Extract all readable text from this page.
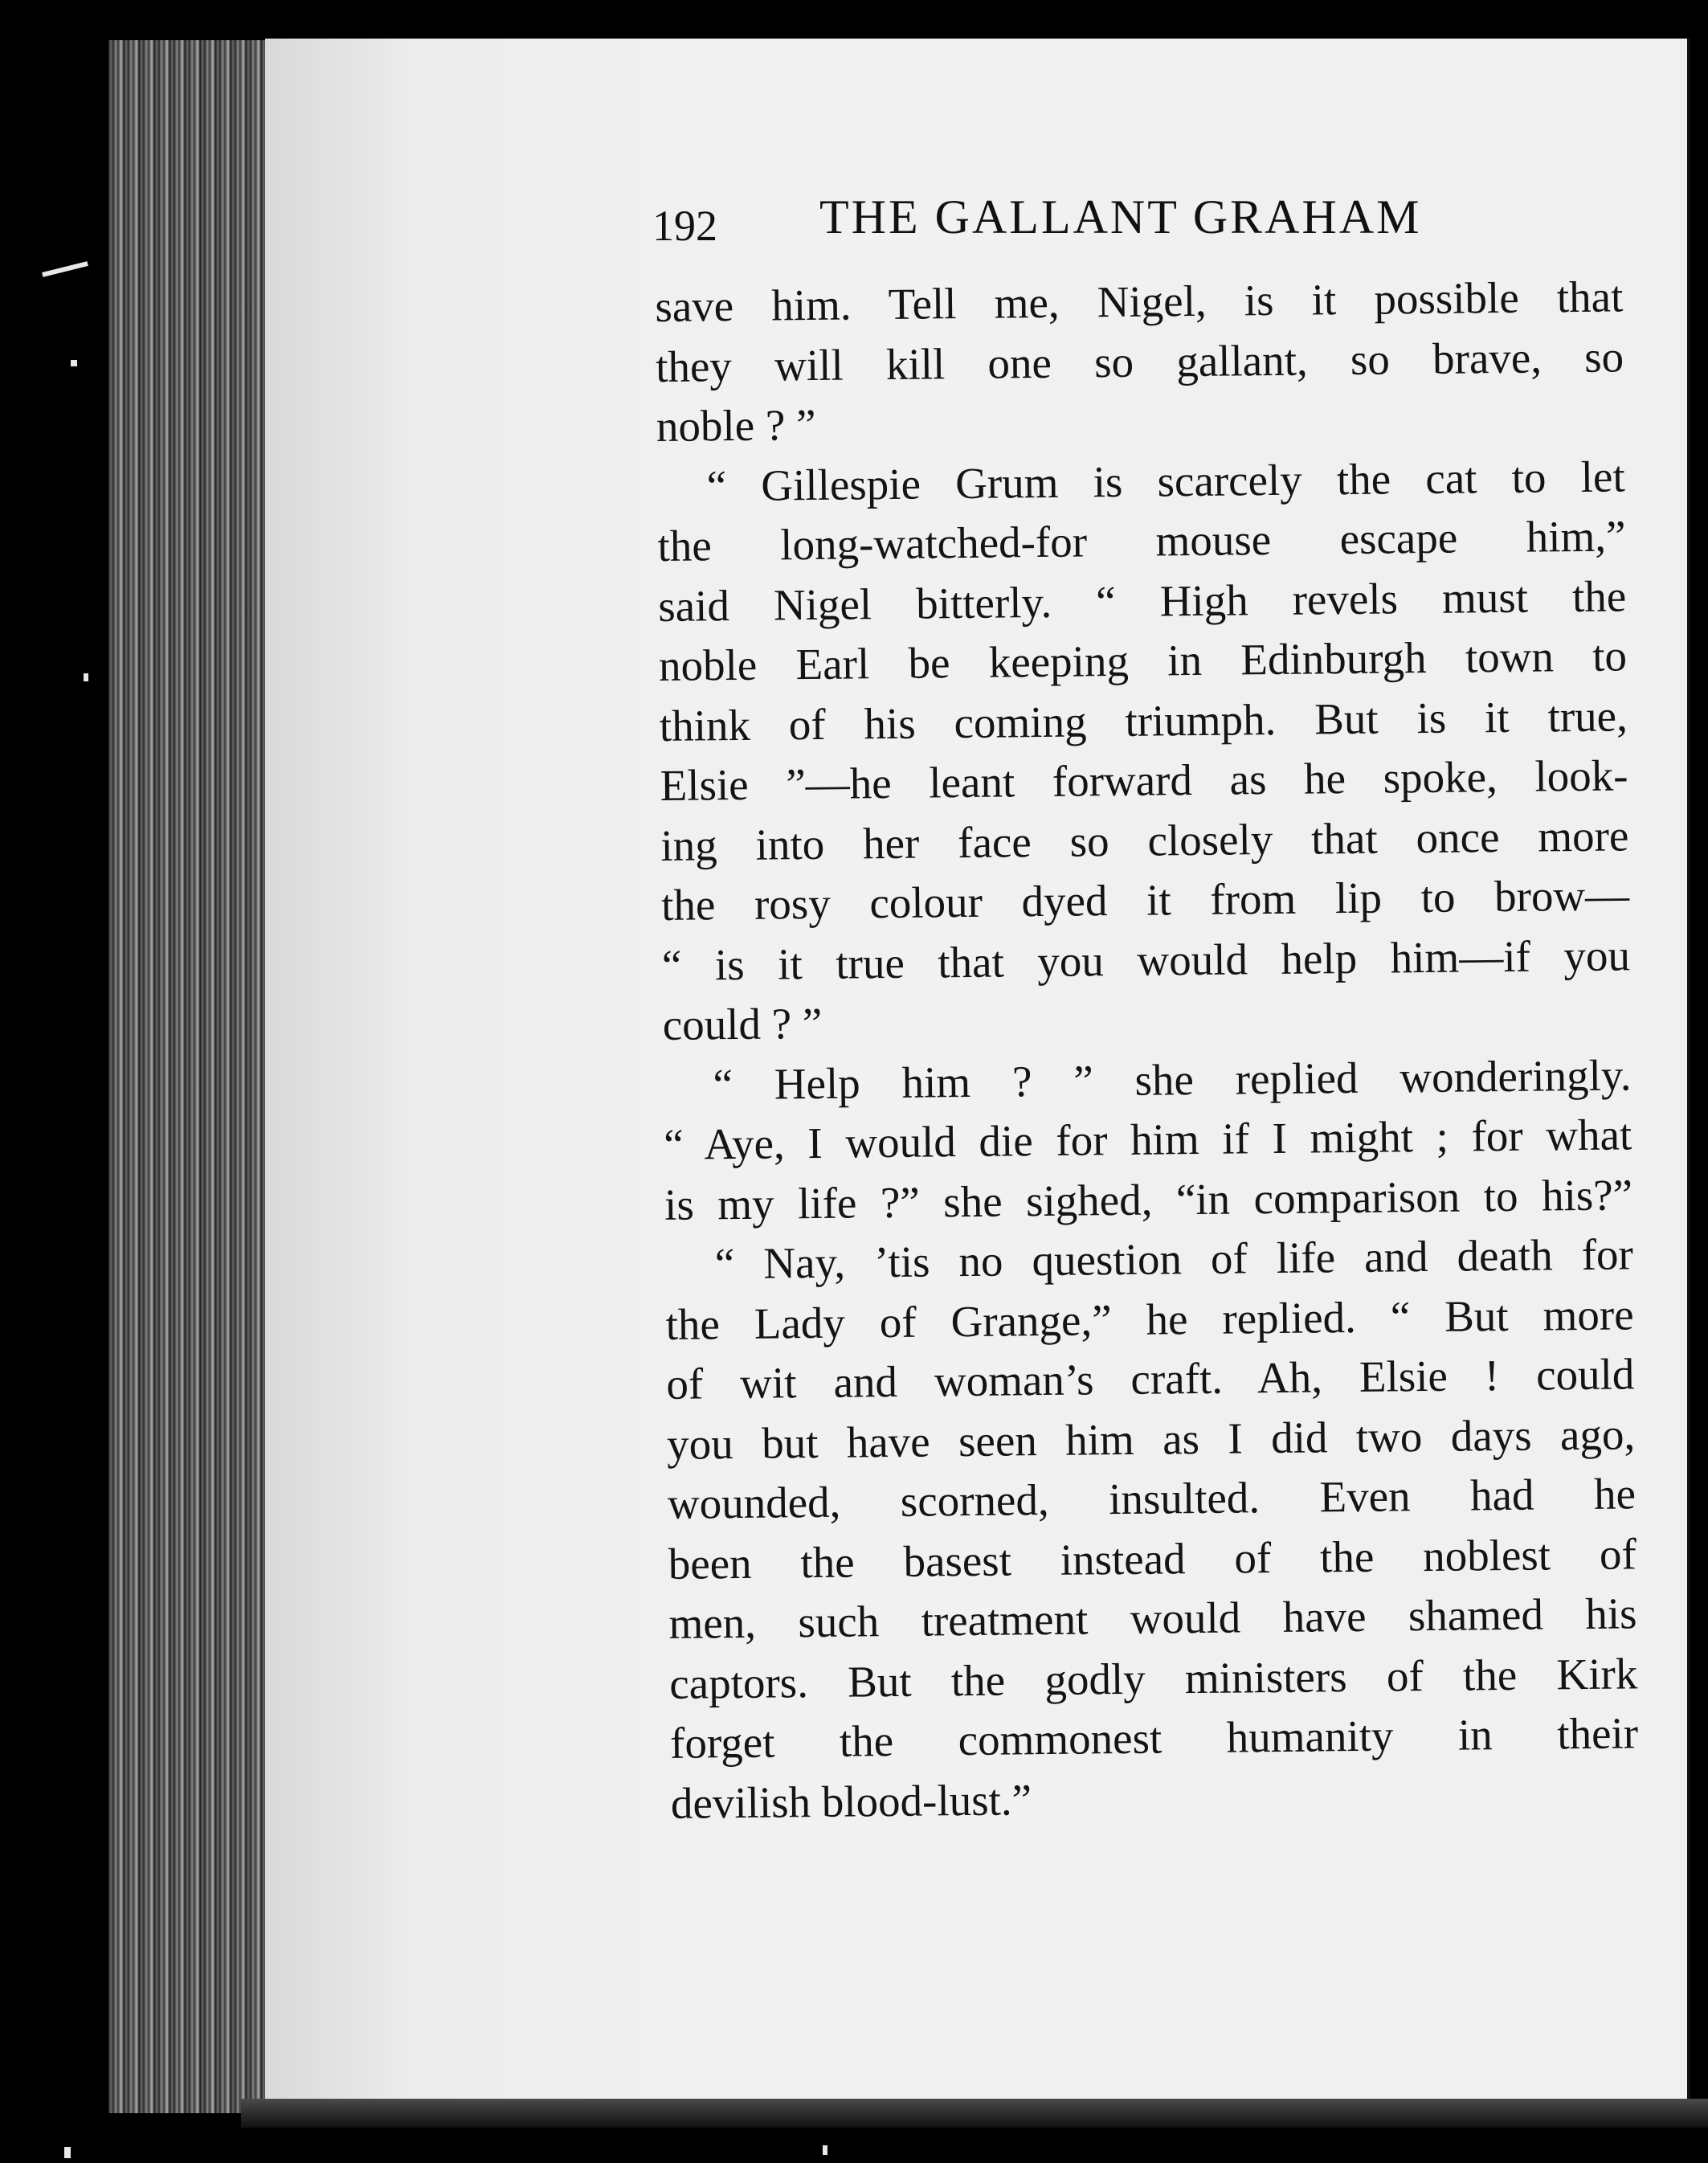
192 THE GALLANT GRAHAM
save him. Tell me, Nigel, is it possible that
they will kill one so gallant, so brave, so
noble ? ”
“ Gillespie Grum is scarcely the cat to let
the long-watched-for mouse escape him,”
said Nigel bitterly. “ High revels must the
noble Earl be keeping in Edinburgh town to
think of his coming triumph. But is it true,
Elsie ”—he leant forward as he spoke, look-
ing into her face so closely that once more
the rosy colour dyed it from lip to brow—
“ is it true that you would help him—if you
could ? ”
“ Help him ? ” she replied wonderingly.
“ Aye, I would die for him if I might ; for what
is my life ?” she sighed, “in comparison to his?”
“ Nay, ’tis no question of life and death for
the Lady of Grange,” he replied. “ But more
of wit and woman’s craft. Ah, Elsie ! could
you but have seen him as I did two days ago,
wounded, scorned, insulted. Even had he
been the basest instead of the noblest of
men, such treatment would have shamed his
captors. But the godly ministers of the Kirk
forget the commonest humanity in their
devilish blood-lust.”
